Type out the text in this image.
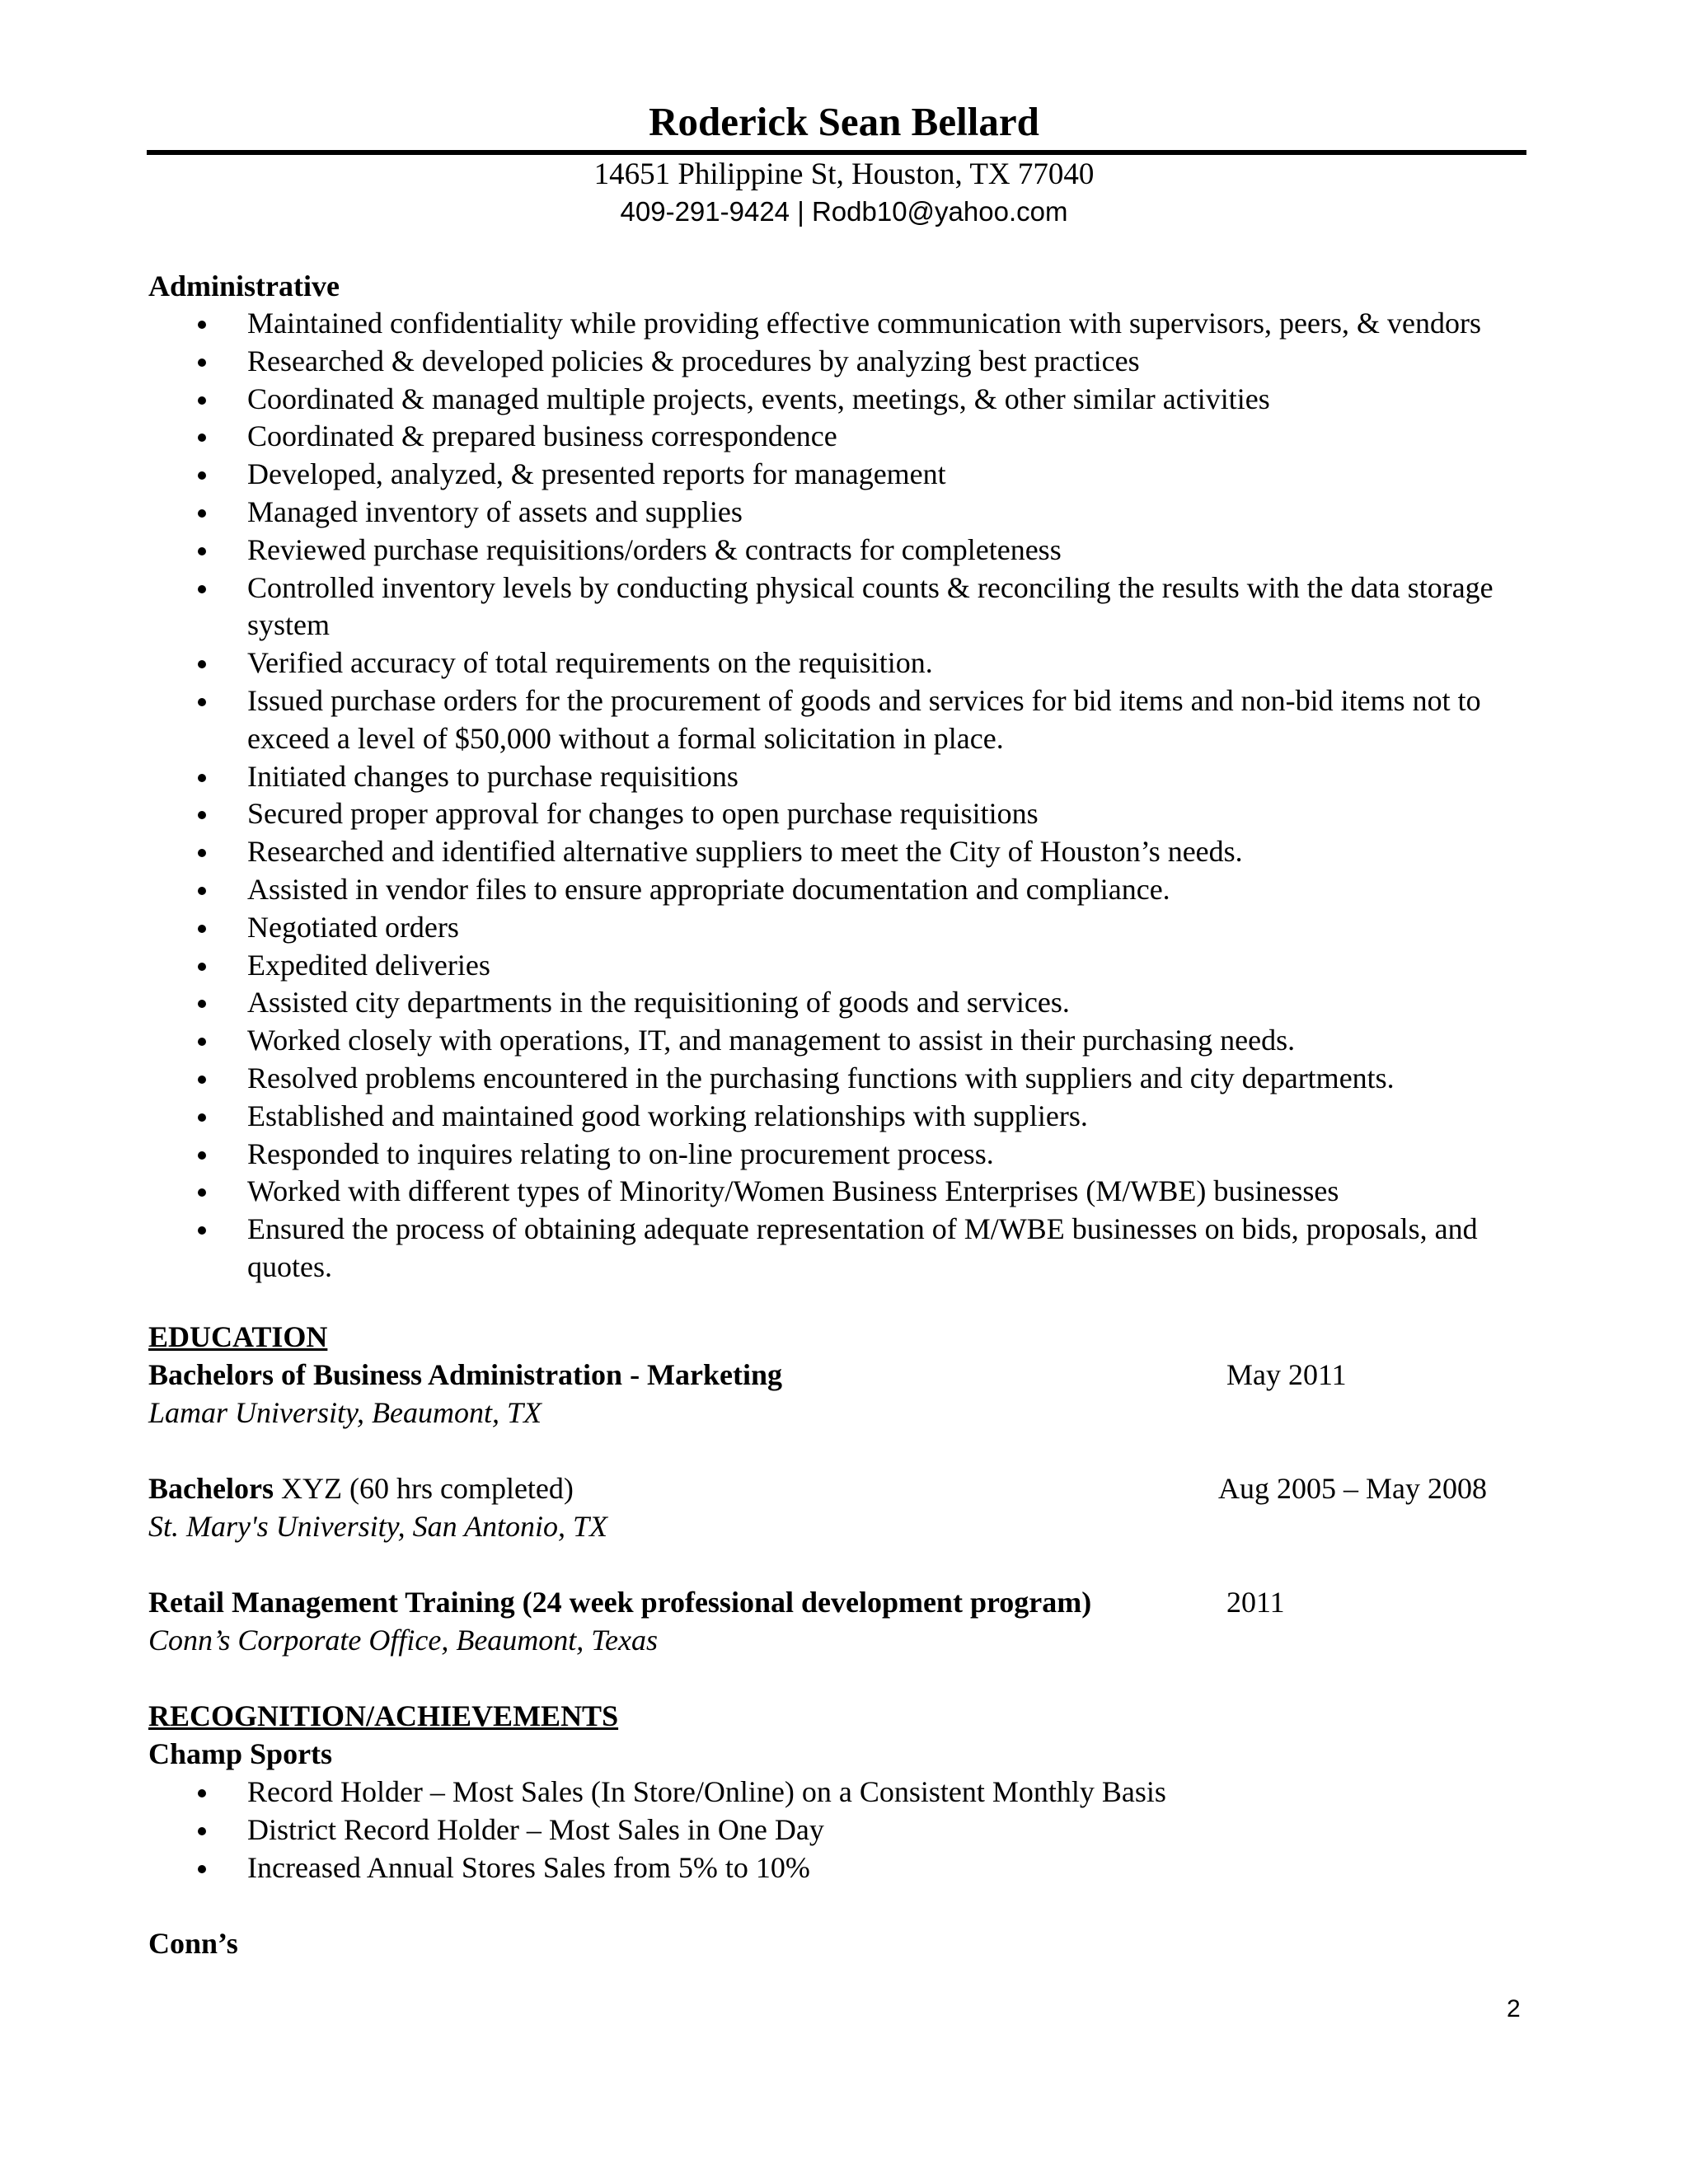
Roderick Sean Bellard
14651 Philippine St, Houston, TX 77040
409-291-9424 | Rodb10@yahoo.com
Administrative
Maintained confidentiality while providing effective communication with supervisors, peers, & vendors
Researched & developed policies & procedures by analyzing best practices
Coordinated & managed multiple projects, events, meetings, & other similar activities
Coordinated & prepared business correspondence
Developed, analyzed, & presented reports for management
Managed inventory of assets and supplies
Reviewed purchase requisitions/orders & contracts for completeness
Controlled inventory levels by conducting physical counts & reconciling the results with the data storage system
Verified accuracy of total requirements on the requisition.
Issued purchase orders for the procurement of goods and services for bid items and non-bid items not to exceed a level of $50,000 without a formal solicitation in place.
Initiated changes to purchase requisitions
Secured proper approval for changes to open purchase requisitions
Researched and identified alternative suppliers to meet the City of Houston’s needs.
Assisted in vendor files to ensure appropriate documentation and compliance.
Negotiated orders
Expedited deliveries
Assisted city departments in the requisitioning of goods and services.
Worked closely with operations, IT, and management to assist in their purchasing needs.
Resolved problems encountered in the purchasing functions with suppliers and city departments.
Established and maintained good working relationships with suppliers.
Responded to inquires relating to on-line procurement process.
Worked with different types of Minority/Women Business Enterprises (M/WBE) businesses
Ensured the process of obtaining adequate representation of M/WBE businesses on bids, proposals, and quotes.
EDUCATION
Bachelors of Business Administration - Marketing	May 2011
Lamar University, Beaumont, TX
Bachelors XYZ (60 hrs completed)	Aug 2005 – May 2008
St. Mary's University, San Antonio, TX
Retail Management Training (24 week professional development program)	2011
Conn’s Corporate Office, Beaumont, Texas
RECOGNITION/ACHIEVEMENTS
Champ Sports
Record Holder – Most Sales (In Store/Online) on a Consistent Monthly Basis
District Record Holder – Most Sales in One Day
Increased Annual Stores Sales from 5% to 10%
Conn’s
2
